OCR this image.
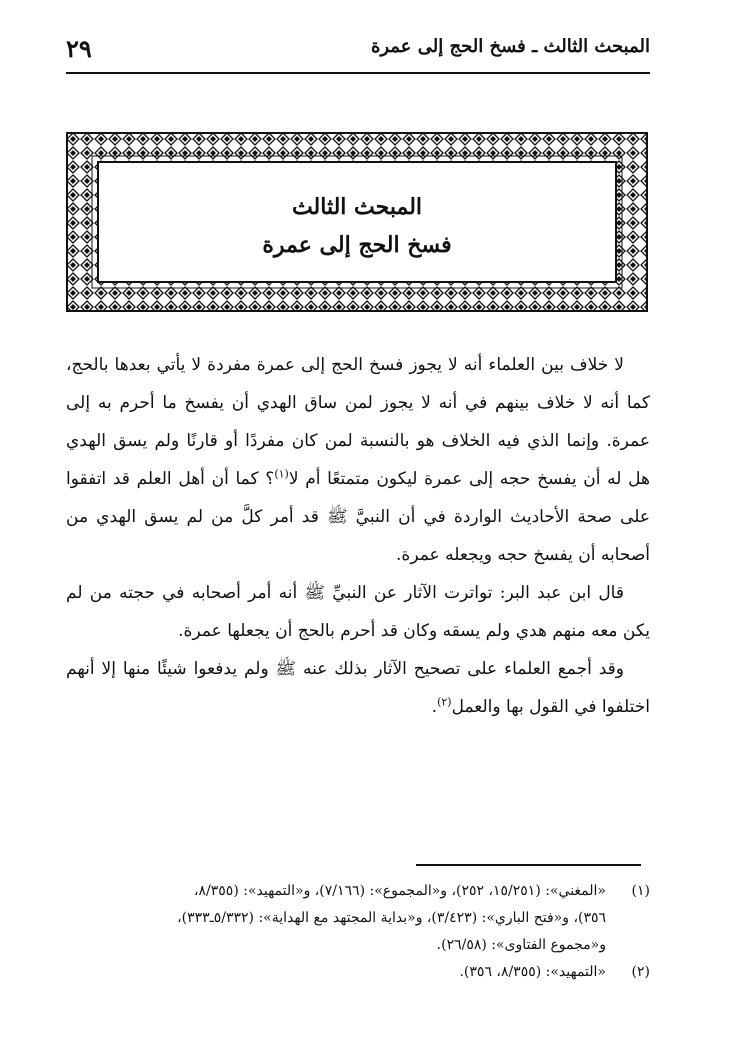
المبحث الثالث ـ فسخ الحج إلى عمرة
٢٩
المبحث الثالث
فسخ الحج إلى عمرة

لا خلاف بين العلماء أنه لا يجوز فسخ الحج إلى عمرة مفردة لا يأتي بعدها بالحج، كما أنه لا خلاف بينهم في أنه لا يجوز لمن ساق الهدي أن يفسخ ما أحرم به إلى عمرة. وإنما الذي فيه الخلاف هو بالنسبة لمن كان مفردًا أو قارنًا ولم يسق الهدي هل له أن يفسخ حجه إلى عمرة ليكون متمتعًا أم لا$^{(١)}$؟ كما أن أهل العلم قد اتفقوا على صحة الأحاديث الواردة في أن النبيَّ ﷺ قد أمر كلَّ من لم يسق الهدي من أصحابه أن يفسخ حجه ويجعله عمرة.

قال ابن عبد البر: تواترت الآثار عن النبيِّ ﷺ أنه أمر أصحابه في حجته من لم يكن معه منهم هدي ولم يسقه وكان قد أحرم بالحج أن يجعلها عمرة.

وقد أجمع العلماء على تصحيح الآثار بذلك عنه ﷺ ولم يدفعوا شيئًا منها إلا أنهم اختلفوا في القول بها والعمل$^{(٢)}$.

(١)«المغني»: (١٥/٢٥١، ٢٥٢)، و«المجموع»: (٧/١٦٦)، و«التمهيد»: (٨/٣٥٥،

٣٥٦)، و«فتح الباري»: (٣/٤٢٣)، و«بداية المجتهد مع الهداية»: (٥/٣٣٢ـ٣٣٣)،

و«مجموع الفتاوى»: (٢٦/٥٨).

(٢)«التمهيد»: (٨/٣٥٥، ٣٥٦).
